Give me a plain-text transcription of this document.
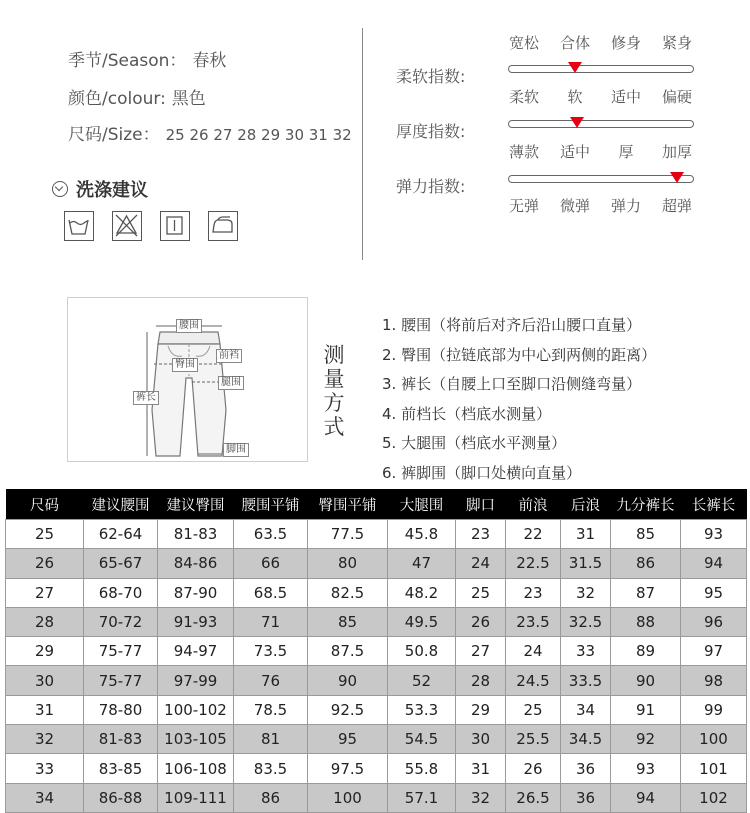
季节/Season： 春秋
颜色/colour: 黑色
尺码/Size： 25 26 27 28 29 30 31 32
洗涤建议
宽松 合体 修身 紧身
柔软指数:
柔软 软 适中 偏硬
厚度指数:
薄款 适中 厚 加厚
弹力指数:
无弹 微弹 弹力 超弹
腰围
臀围
前裆
腿围
裤长
脚围
测
量
方
式
1. 腰围（将前后对齐后沿山腰口直量）
2. 臀围（拉链底部为中心到两侧的距离）
3. 裤长（自腰上口至脚口沿侧缝弯量）
4. 前档长（档底水测量）
5. 大腿围（档底水平测量）
6. 裤脚围（脚口处横向直量）
尺码	建议腰围	建议臀围	腰围平铺	臀围平铺	大腿围	脚口	前浪	后浪	九分裤长	长裤长
25	62-64	81-83	63.5	77.5	45.8	23	22	31	85	93
26	65-67	84-86	66	80	47	24	22.5	31.5	86	94
27	68-70	87-90	68.5	82.5	48.2	25	23	32	87	95
28	70-72	91-93	71	85	49.5	26	23.5	32.5	88	96
29	75-77	94-97	73.5	87.5	50.8	27	24	33	89	97
30	75-77	97-99	76	90	52	28	24.5	33.5	90	98
31	78-80	100-102	78.5	92.5	53.3	29	25	34	91	99
32	81-83	103-105	81	95	54.5	30	25.5	34.5	92	100
33	83-85	106-108	83.5	97.5	55.8	31	26	36	93	101
34	86-88	109-111	86	100	57.1	32	26.5	36	94	102
